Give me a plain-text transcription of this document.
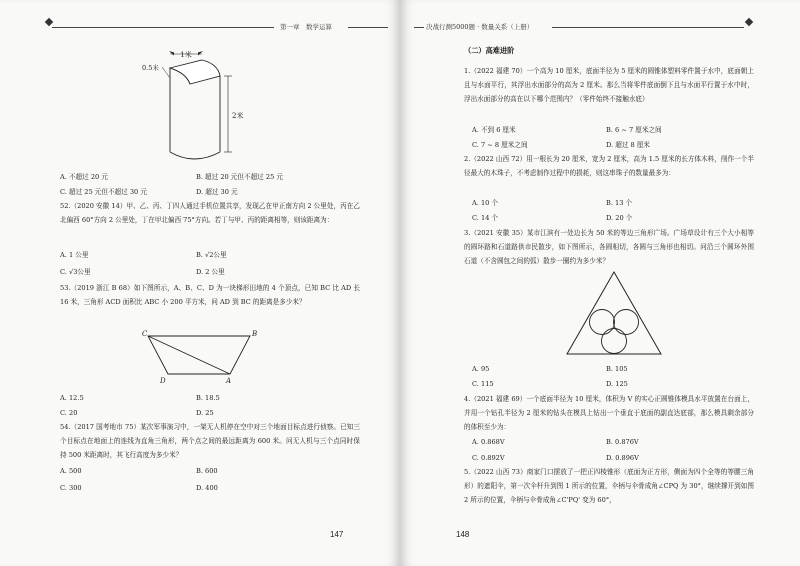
第一章　数学运算
1米
0.5米
2米
A. 不超过 20 元	B. 超过 20 元但不超过 25 元
C. 超过 25 元但不超过 30 元	D. 超过 30 元
52.（2020 安徽 14）甲、乙、丙、丁四人通过手机位置共享，发现乙在甲正南方向 2 公里处，丙在乙北偏西 60°方向 2 公里处，丁在甲北偏西 75°方向。若丁与甲、丙的距离相等，则该距离为：
A. 1 公里	B. √2公里
C. √3公里	D. 2 公里
53.（2019 浙江 B 68）如下图所示，A、B、C、D 为一块梯形田地的 4 个顶点，已知 BC 比 AD 长 16 米，三角形 ACD 面积比 ABC 小 200 平方米，问 AD 到 BC 的距离是多少米？
C	B
D	A
A. 12.5	B. 18.5
C. 20	D. 25
54.（2017 国考地市 75）某次军事演习中，一架无人机停在空中对三个地面目标点进行侦察。已知三个目标点在地面上的连线为直角三角形，两个点之间的最远距离为 600 米。问无人机与三个点同时保持 500 米距离时，其飞行高度为多少米？
A. 500	B. 600
C. 300	D. 400
147
决战行测5000题 · 数量关系（上册）
（二）高难进阶
1.（2022 福建 70）一个高为 10 厘米，底面半径为 5 厘米的圆锥体塑料零件置于水中，底面朝上且与水面平行，其浮出水面部分的高为 2 厘米。那么当将零件底面倒下且与水面平行置于水中时，浮出水面部分的高在以下哪个范围内？（零件始终不接触水底）
A. 不到 6 厘米	B. 6 ~ 7 厘米之间
C. 7 ~ 8 厘米之间	D. 超过 8 厘米
2.（2022 山西 72）用一根长为 20 厘米，宽为 2 厘米，高为 1.5 厘米的长方体木料，削作一个半径最大的木珠子，不考虑制作过程中的损耗，则这串珠子的数量最多为：
A. 10 个	B. 13 个
C. 14 个	D. 20 个
3.（2021 安徽 35）某市江滨有一处边长为 50 米的等边三角形广场。广场草设计有三个大小相等的圆环路和石道路供市民散步，如下图所示，各圆相切，各圆与三角形也相切。问沿三个圆环外围石道（不含圆包之间的弧）散步一圈约为多少米？
A. 95	B. 105
C. 115	D. 125
4.（2021 福建 69）一个底面半径为 10 厘米，体积为 V 的实心正圆锥体模具水平放置在台面上，并用一个钻孔半径为 2 厘米的钻头在模具上钻出一个垂直于底面的副直达底部，那么模具剩余部分的体积至少为：
A. 0.868V	B. 0.876V
C. 0.892V	D. 0.896V
5.（2022 山西 73）商家门口摆放了一把正四棱锥形（底面为正方形，侧面为四个全等的等腰三角形）的遮阳伞，第一次伞杆升到图 1 所示的位置，伞柄与伞骨成角∠CPQ 为 30°，继续撑开到如图 2 所示的位置，伞柄与伞骨成角∠C'PQ' 变为 60°，
148
